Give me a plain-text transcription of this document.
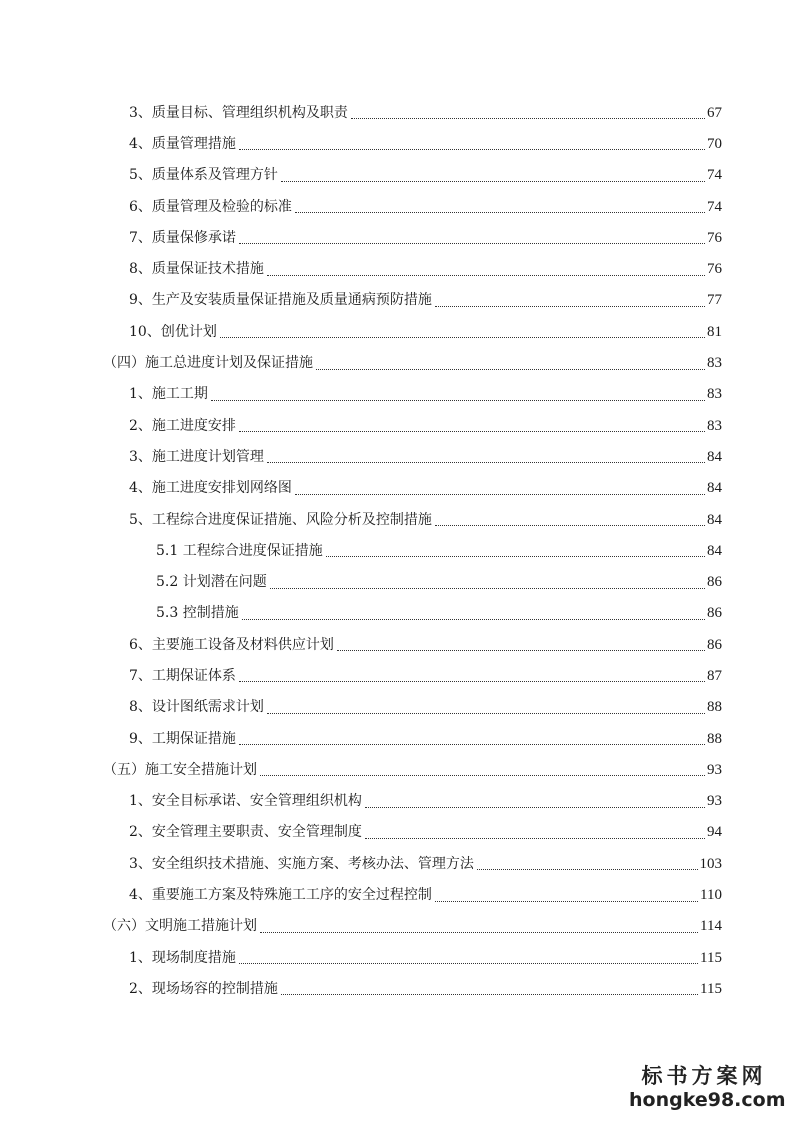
3、质量目标、管理组织机构及职责	67
4、质量管理措施	70
5、质量体系及管理方针	74
6、质量管理及检验的标准	74
7、质量保修承诺	76
8、质量保证技术措施	76
9、生产及安装质量保证措施及质量通病预防措施	77
10、创优计划	81
（四）施工总进度计划及保证措施	83
1、施工工期	83
2、施工进度安排	83
3、施工进度计划管理	84
4、施工进度安排划网络图	84
5、工程综合进度保证措施、风险分析及控制措施	84
5.1 工程综合进度保证措施	84
5.2 计划潜在问题	86
5.3 控制措施	86
6、主要施工设备及材料供应计划	86
7、工期保证体系	87
8、设计图纸需求计划	88
9、工期保证措施	88
（五）施工安全措施计划	93
1、安全目标承诺、安全管理组织机构	93
2、安全管理主要职责、安全管理制度	94
3、安全组织技术措施、实施方案、考核办法、管理方法	103
4、重要施工方案及特殊施工工序的安全过程控制	110
（六）文明施工措施计划	114
1、现场制度措施	115
2、现场场容的控制措施	115
标书方案网
hongke98.com
